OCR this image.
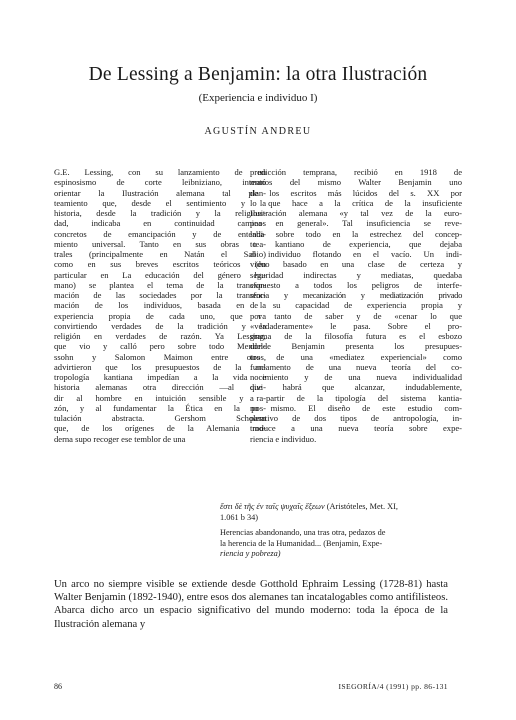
De Lessing a Benjamin: la otra Ilustración
(Experiencia e individuo I)
AGUSTÍN ANDREU
G.E. Lessing, con su lanzamiento de un
espinosismo de corte leibniziano, intentó
orientar la Ilustración alemana tal plan-
teamiento que, desde el sentimiento y la
historia, desde la tradición y la religiosi-
dad, indicaba en continuidad caminos
concretos de emancipación y de entendi-
miento universal. Tanto en sus obras tea-
trales (principalmente en Natán el Sabio)
como en sus breves escritos teóricos (en
particular en La educación del género hu-
mano) se plantea el tema de la transfor-
mación de las sociedades por la transfor-
mación de los individuos, basada en la
experiencia propia de cada uno, que va
convirtiendo verdades de la tradición y la
religión en verdades de razón. Ya Lessing,
que vio y calló pero sobre todo Mendel-
ssohn y Salomon Maimon entre otros,
advirtieron que los presupuestos de la an-
tropología kantiana impedían a la vida e
historia alemanas otra dirección —al divi-
dir al hombre en intuición sensible y ra-
zón, y al fundamentar la Ética en la pos-
tulación abstracta. Gershom Scholem
que, de los orígenes de la Alemania mo-
derna supo recoger ese temblor de una
predicción temprana, recibió en 1918 de
manos del mismo Walter Benjamin uno
de los escritos más lúcidos del s. XX por
lo que hace a la crítica de la insuficiente
Ilustración alemana «y tal vez de la euro-
pea en general». Tal insuficiencia se reve-
laba sobre todo en la estrechez del concep-
to kantiano de experiencia, que dejaba
al individuo flotando en el vacío. Un indi-
viduo basado en una clase de certeza y
seguridad indirectas y mediatas, quedaba
expuesto a todos los peligros de interfe-
rencia y mecanización y mediatización privado
de su capacidad de experiencia propia y
por tanto de saber y de «cenar lo que
«verdaderamente» le pasa. Sobre el pro-
grama de la filosofía futura es el esbozo
donde Benjamin presenta los presupues-
tos de una «mediatez experiencial» como
fundamento de una nueva teoría del co-
nocimiento y de una nueva individualidad
que habrá que alcanzar, indudablemente,
a partir de la tipología del sistema kantia-
no mismo. El diseño de este estudio com-
parativo de dos tipos de antropología, in-
troduce a una nueva teoría sobre expe-
riencia e individuo.
ἔστι δὲ τῆς ἐν ταῖς ψυχαῖς ἕξεων (Aristóteles, Met. XI,
1.061 b 34)
Herencias abandonando, una tras otra, pedazos de
la herencia de la Humanidad... (Benjamin, Expe-
riencia y pobreza)
Un arco no siempre visible se extiende desde Gotthold Ephraim Lessing (1728-81) hasta Walter Benjamin (1892-1940), entre esos dos alemanes tan incatalogables como antifilisteos. Abarca dicho arco un espacio significativo del mundo moderno: toda la época de la Ilustración alemana y
86	ISEGORÍA/4 (1991) pp. 86-131
